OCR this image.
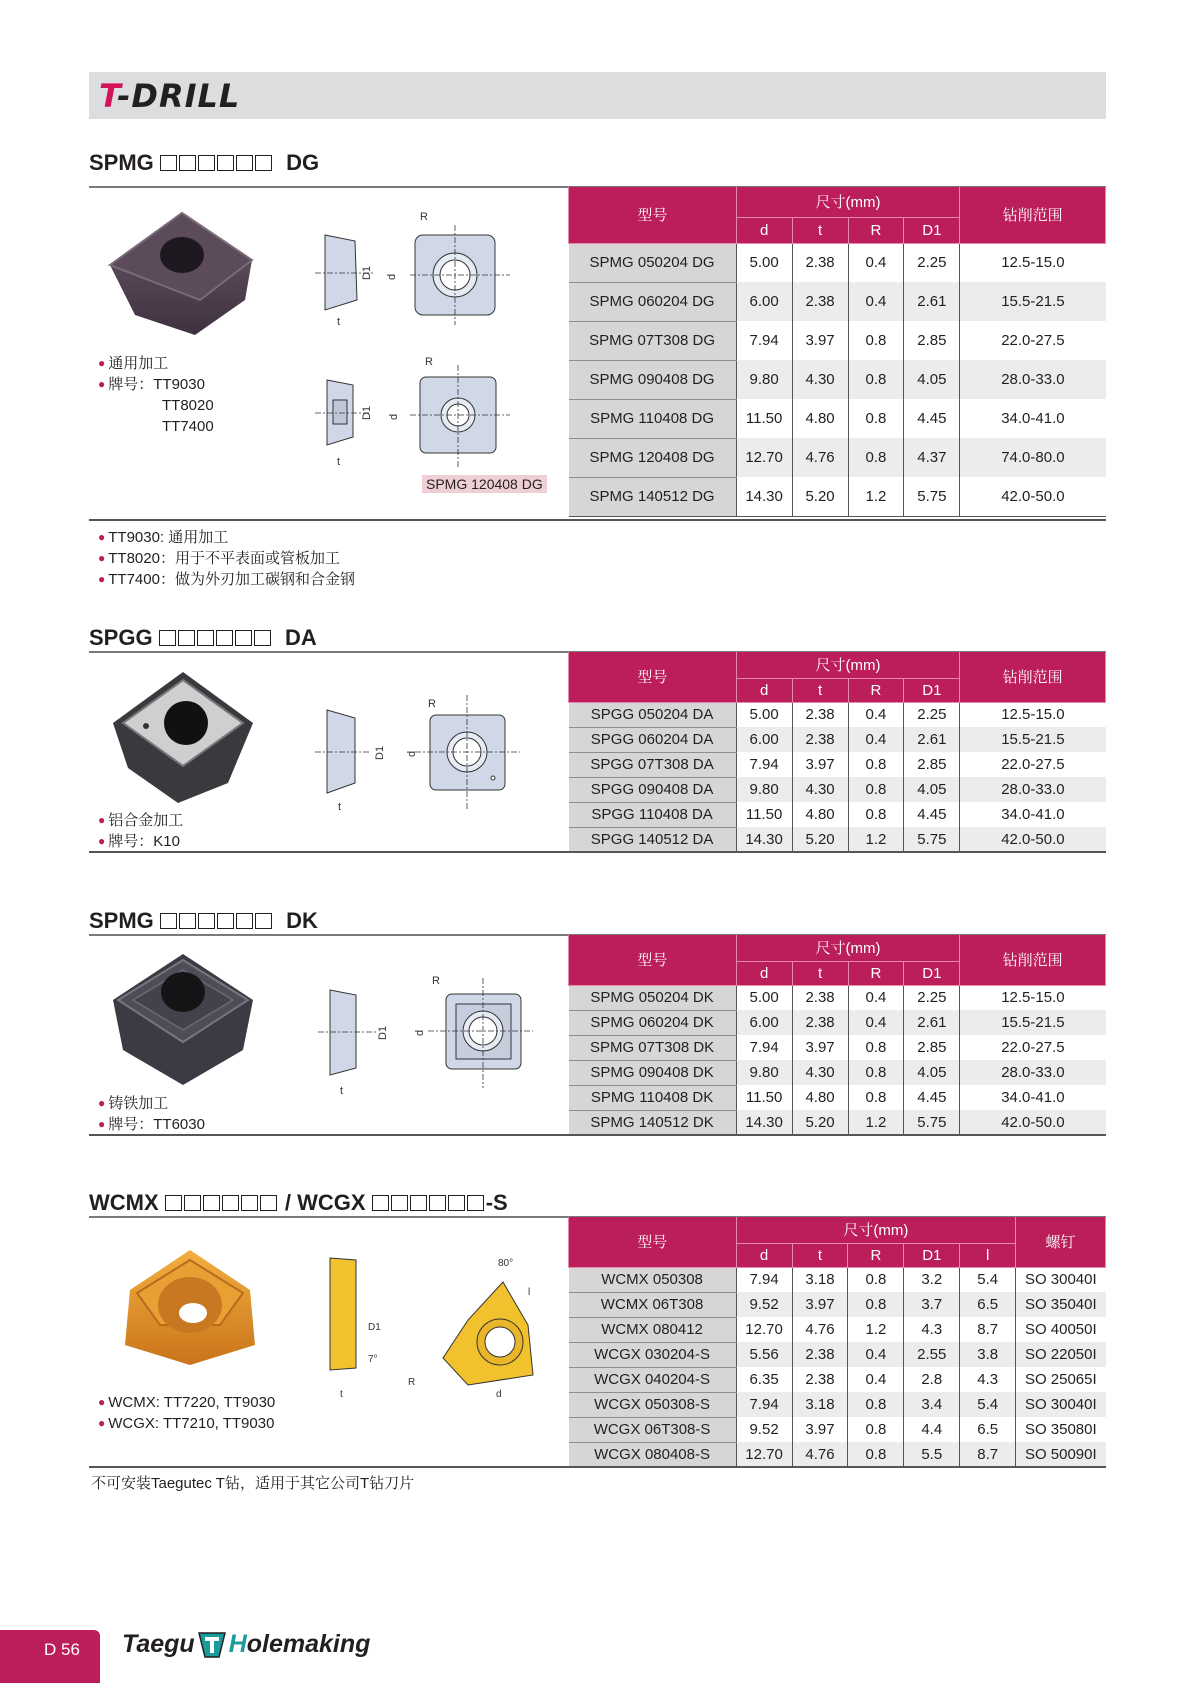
T-DRILL
SPMG	DG
R
d
D1
t
R
d
D1
t
SPMG 120408 DG
● 通用加工
● 牌号：TT9030
TT8020
TT7400
型号	尺寸(mm)				钻削范围
	d	t	R	D1	
SPMG 050204 DG	5.00	2.38	0.4	2.25	12.5-15.0
SPMG 060204 DG	6.00	2.38	0.4	2.61	15.5-21.5
SPMG 07T308 DG	7.94	3.97	0.8	2.85	22.0-27.5
SPMG 090408 DG	9.80	4.30	0.8	4.05	28.0-33.0
SPMG 110408 DG	11.50	4.80	0.8	4.45	34.0-41.0
SPMG 120408 DG	12.70	4.76	0.8	4.37	74.0-80.0
SPMG 140512 DG	14.30	5.20	1.2	5.75	42.0-50.0
● TT9030: 通用加工
● TT8020：用于不平表面或管板加工
● TT7400：做为外刃加工碳钢和合金钢
SPGG	DA
R
d
D1
t
● 铝合金加工
● 牌号：K10
型号	尺寸(mm)				钻削范围
	d	t	R	D1	
SPGG 050204 DA	5.00	2.38	0.4	2.25	12.5-15.0
SPGG 060204 DA	6.00	2.38	0.4	2.61	15.5-21.5
SPGG 07T308 DA	7.94	3.97	0.8	2.85	22.0-27.5
SPGG 090408 DA	9.80	4.30	0.8	4.05	28.0-33.0
SPGG 110408 DA	11.50	4.80	0.8	4.45	34.0-41.0
SPGG 140512 DA	14.30	5.20	1.2	5.75	42.0-50.0
SPMG	DK
R
d
D1
t
● 铸铁加工
● 牌号：TT6030
型号	尺寸(mm)				钻削范围
	d	t	R	D1	
SPMG 050204 DK	5.00	2.38	0.4	2.25	12.5-15.0
SPMG 060204 DK	6.00	2.38	0.4	2.61	15.5-21.5
SPMG 07T308 DK	7.94	3.97	0.8	2.85	22.0-27.5
SPMG 090408 DK	9.80	4.30	0.8	4.05	28.0-33.0
SPMG 110408 DK	11.50	4.80	0.8	4.45	34.0-41.0
SPMG 140512 DK	14.30	5.20	1.2	5.75	42.0-50.0
WCMX	/ WCGX	-S
80°
l
D1
7°
R
t	d
● WCMX: TT7220, TT9030
● WCGX: TT7210, TT9030
型号	尺寸(mm)					螺钉
	d	t	R	D1	l	
WCMX 050308	7.94	3.18	0.8	3.2	5.4	SO 30040I
WCMX 06T308	9.52	3.97	0.8	3.7	6.5	SO 35040I
WCMX 080412	12.70	4.76	1.2	4.3	8.7	SO 40050I
WCGX 030204-S	5.56	2.38	0.4	2.55	3.8	SO 22050I
WCGX 040204-S	6.35	2.38	0.4	2.8	4.3	SO 25065I
WCGX 050308-S	7.94	3.18	0.8	3.4	5.4	SO 30040I
WCGX 06T308-S	9.52	3.97	0.8	4.4	6.5	SO 35080I
WCGX 080408-S	12.70	4.76	0.8	5.5	8.7	SO 50090I
不可安装Taegutec T钻，适用于其它公司T钻刀片
D 56 Taegu H olemaking
